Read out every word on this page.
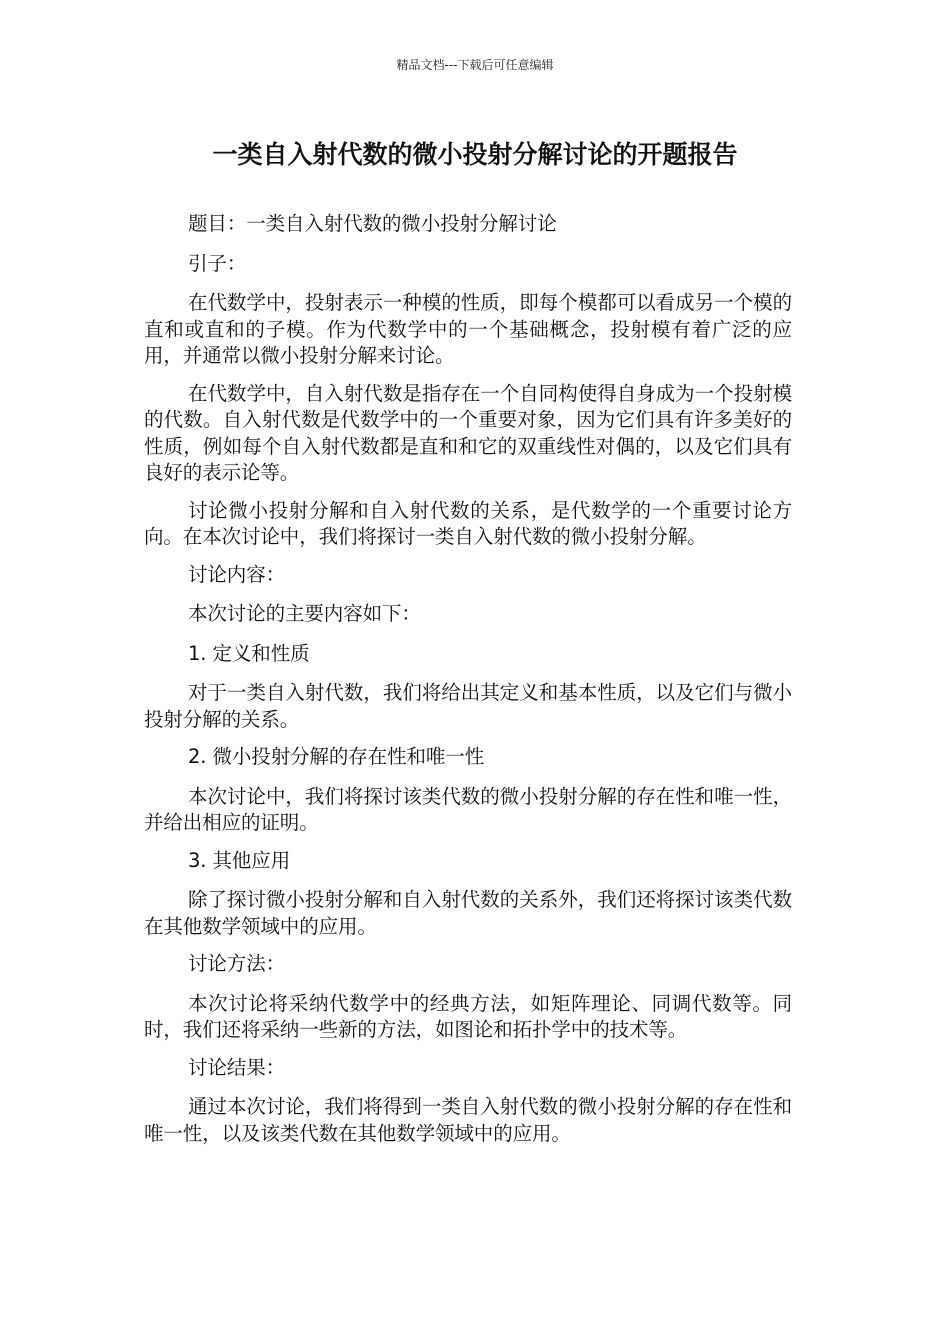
精品文档---下载后可任意编辑
一类自入射代数的微小投射分解讨论的开题报告

题目：一类自入射代数的微小投射分解讨论

引子：

在代数学中，投射表示一种模的性质，即每个模都可以看成另一个模的直和或直和的子模。作为代数学中的一个基础概念，投射模有着广泛的应用，并通常以微小投射分解来讨论。

在代数学中，自入射代数是指存在一个自同构使得自身成为一个投射模的代数。自入射代数是代数学中的一个重要对象，因为它们具有许多美好的性质，例如每个自入射代数都是直和和它的双重线性对偶的，以及它们具有良好的表示论等。

讨论微小投射分解和自入射代数的关系，是代数学的一个重要讨论方向。在本次讨论中，我们将探讨一类自入射代数的微小投射分解。

讨论内容：

本次讨论的主要内容如下：

1. 定义和性质

对于一类自入射代数，我们将给出其定义和基本性质，以及它们与微小投射分解的关系。

2. 微小投射分解的存在性和唯一性

本次讨论中，我们将探讨该类代数的微小投射分解的存在性和唯一性，并给出相应的证明。

3. 其他应用

除了探讨微小投射分解和自入射代数的关系外，我们还将探讨该类代数在其他数学领域中的应用。

讨论方法：

本次讨论将采纳代数学中的经典方法，如矩阵理论、同调代数等。同时，我们还将采纳一些新的方法，如图论和拓扑学中的技术等。

讨论结果：

通过本次讨论，我们将得到一类自入射代数的微小投射分解的存在性和唯一性，以及该类代数在其他数学领域中的应用。
